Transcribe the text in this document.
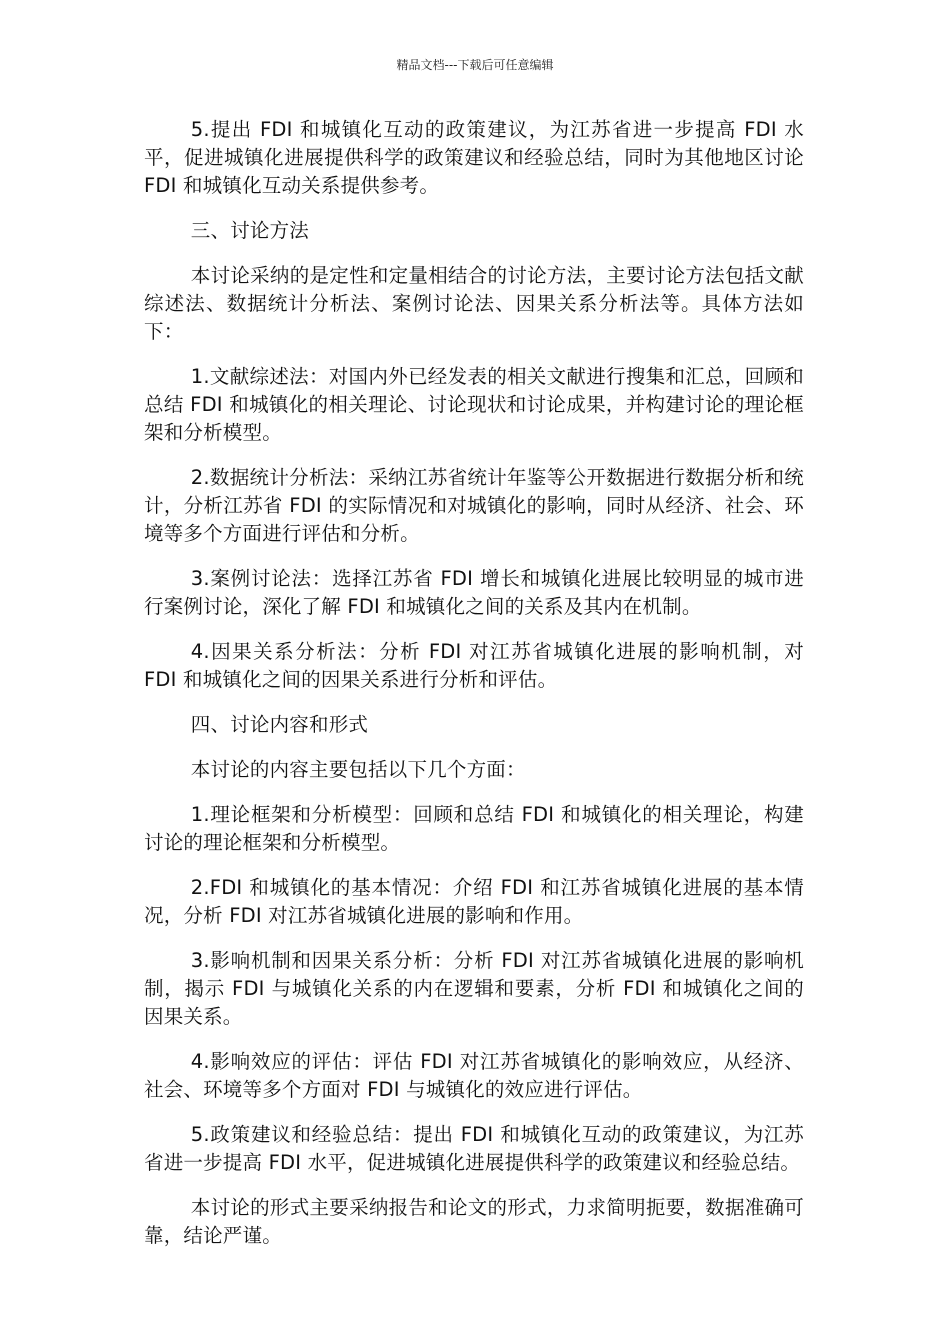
精品文档---下载后可任意编辑

5.提出 FDI 和城镇化互动的政策建议，为江苏省进一步提高 FDI 水平，促进城镇化进展提供科学的政策建议和经验总结，同时为其他地区讨论 FDI 和城镇化互动关系提供参考。

三、讨论方法

本讨论采纳的是定性和定量相结合的讨论方法，主要讨论方法包括文献综述法、数据统计分析法、案例讨论法、因果关系分析法等。具体方法如下：

1.文献综述法：对国内外已经发表的相关文献进行搜集和汇总，回顾和总结 FDI 和城镇化的相关理论、讨论现状和讨论成果，并构建讨论的理论框架和分析模型。

2.数据统计分析法：采纳江苏省统计年鉴等公开数据进行数据分析和统计，分析江苏省 FDI 的实际情况和对城镇化的影响，同时从经济、社会、环境等多个方面进行评估和分析。

3.案例讨论法：选择江苏省 FDI 增长和城镇化进展比较明显的城市进行案例讨论，深化了解 FDI 和城镇化之间的关系及其内在机制。

4.因果关系分析法：分析 FDI 对江苏省城镇化进展的影响机制，对 FDI 和城镇化之间的因果关系进行分析和评估。

四、讨论内容和形式

本讨论的内容主要包括以下几个方面：

1.理论框架和分析模型：回顾和总结 FDI 和城镇化的相关理论，构建讨论的理论框架和分析模型。

2.FDI 和城镇化的基本情况：介绍 FDI 和江苏省城镇化进展的基本情况，分析 FDI 对江苏省城镇化进展的影响和作用。

3.影响机制和因果关系分析：分析 FDI 对江苏省城镇化进展的影响机制，揭示 FDI 与城镇化关系的内在逻辑和要素，分析 FDI 和城镇化之间的因果关系。

4.影响效应的评估：评估 FDI 对江苏省城镇化的影响效应，从经济、社会、环境等多个方面对 FDI 与城镇化的效应进行评估。

5.政策建议和经验总结：提出 FDI 和城镇化互动的政策建议，为江苏省进一步提高 FDI 水平，促进城镇化进展提供科学的政策建议和经验总结。

本讨论的形式主要采纳报告和论文的形式，力求简明扼要，数据准确可靠，结论严谨。
